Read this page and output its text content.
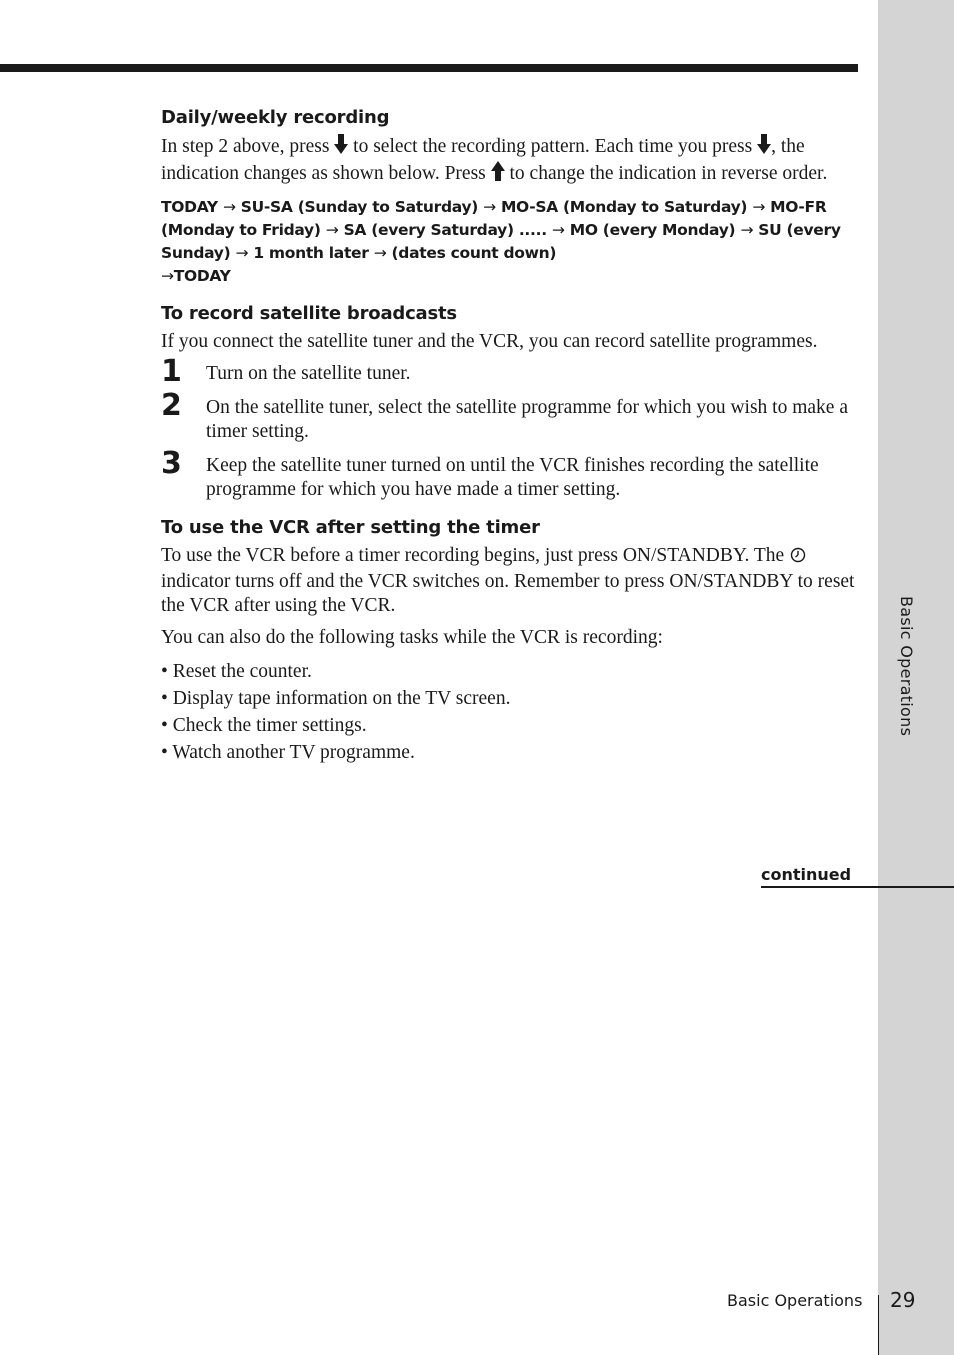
Basic Operations
Daily/weekly recording

In step 2 above, press to select the recording pattern. Each time you press , the indication changes as shown below. Press to change the indication in reverse order.

TODAY → SU-SA (Sunday to Saturday) → MO-SA (Monday to Saturday) → MO-FR (Monday to Friday) → SA (every Saturday) ..... → MO (every Monday) → SU (every Sunday) → 1 month later → (dates count down)
→TODAY
To record satellite broadcasts

If you connect the satellite tuner and the VCR, you can record satellite programmes.

1 Turn on the satellite tuner.
2 On the satellite tuner, select the satellite programme for which you wish to make a timer setting.
3 Keep the satellite tuner turned on until the VCR finishes recording the satellite programme for which you have made a timer setting.
To use the VCR after setting the timer

To use the VCR before a timer recording begins, just press ON/STANDBY. The  indicator turns off and the VCR switches on. Remember to press ON/STANDBY to reset the VCR after using the VCR.

You can also do the following tasks while the VCR is recording:

• Reset the counter.
• Display tape information on the TV screen.
• Check the timer settings.
• Watch another TV programme.
continued
Basic Operations 29
